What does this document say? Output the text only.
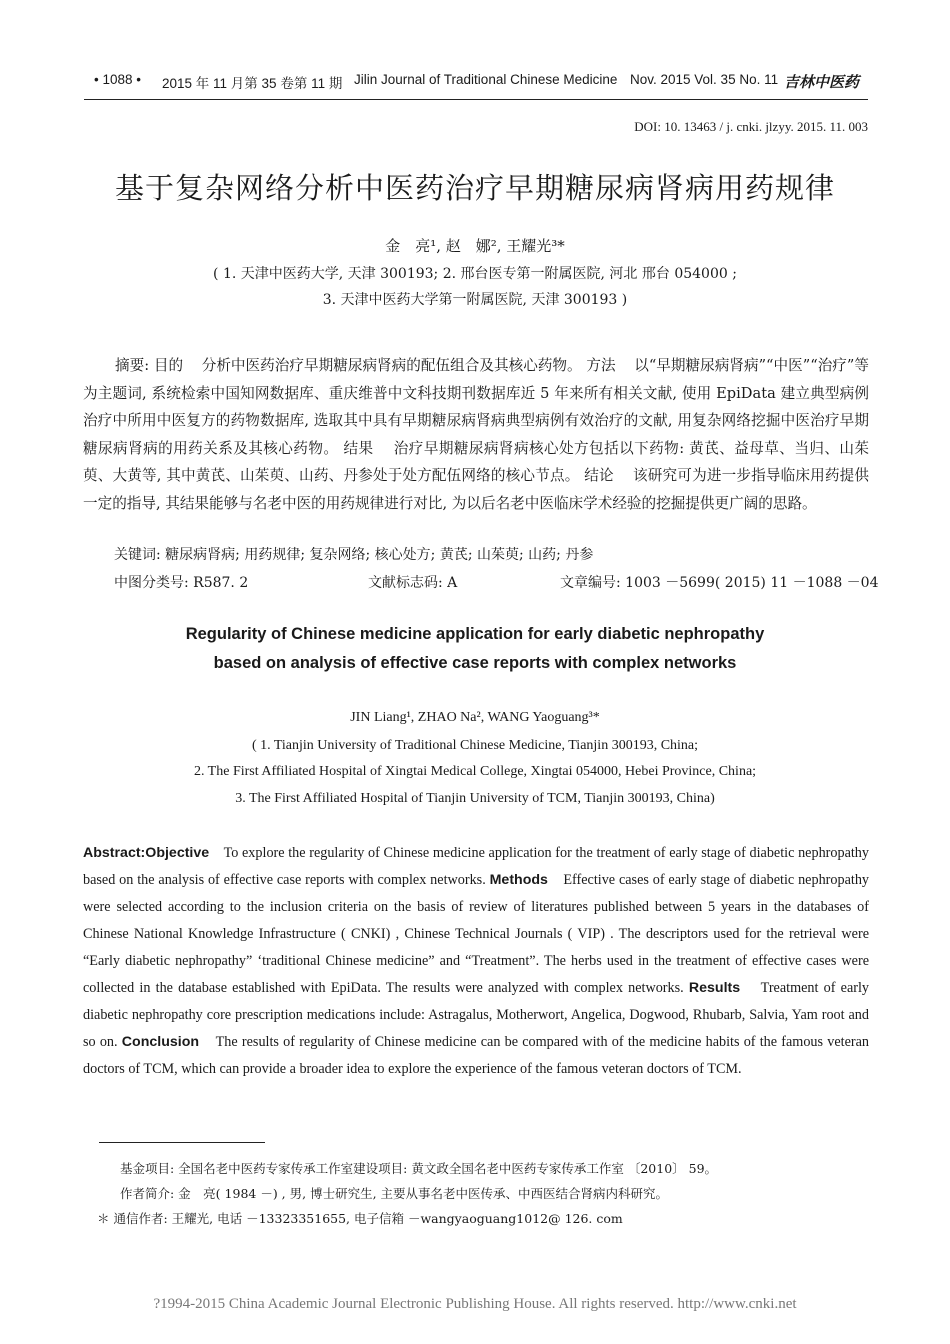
• 1088 • 2015 年 11 月第 35 卷第 11 期 Jilin Journal of Traditional Chinese Medicine Nov. 2015 Vol. 35 No. 11 吉林中医药
DOI: 10. 13463 / j. cnki. jlzyy. 2015. 11. 003
基于复杂网络分析中医药治疗早期糖尿病肾病用药规律
金　亮¹, 赵　娜², 王耀光³*
( 1. 天津中医药大学, 天津 300193; 2. 邢台医专第一附属医院, 河北 邢台 054000 ;
3. 天津中医药大学第一附属医院, 天津 300193 )
摘要: 目的 分析中医药治疗早期糖尿病肾病的配伍组合及其核心药物。 方法 以“早期糖尿病肾病”“中医”“治疗”等为主题词, 系统检索中国知网数据库、重庆维普中文科技期刊数据库近 5 年来所有相关文献, 使用 EpiData 建立典型病例治疗中所用中医复方的药物数据库, 选取其中具有早期糖尿病肾病典型病例有效治疗的文献, 用复杂网络挖掘中医治疗早期糖尿病肾病的用药关系及其核心药物。 结果 治疗早期糖尿病肾病核心处方包括以下药物: 黄芪、益母草、当归、山茱萸、大黄等, 其中黄芪、山茱萸、山药、丹参处于处方配伍网络的核心节点。 结论 该研究可为进一步指导临床用药提供一定的指导, 其结果能够与名老中医的用药规律进行对比, 为以后名老中医临床学术经验的挖掘提供更广阔的思路。
关键词: 糖尿病肾病; 用药规律; 复杂网络; 核心处方; 黄芪; 山茱萸; 山药; 丹参
中图分类号: R587. 2	文献标志码: A	文章编号: 1003 －5699( 2015) 11 －1088 －04
Regularity of Chinese medicine application for early diabetic nephropathy
based on analysis of effective case reports with complex networks
JIN Liang¹, ZHAO Na², WANG Yaoguang³*
( 1. Tianjin University of Traditional Chinese Medicine, Tianjin 300193, China;
2. The First Affiliated Hospital of Xingtai Medical College, Xingtai 054000, Hebei Province, China;
3. The First Affiliated Hospital of Tianjin University of TCM, Tianjin 300193, China)
Abstract:Objective To explore the regularity of Chinese medicine application for the treatment of early stage of diabetic nephropathy based on the analysis of effective case reports with complex networks. Methods Effective cases of early stage of diabetic nephropathy were selected according to the inclusion criteria on the basis of review of literatures published between 5 years in the databases of Chinese National Knowledge Infrastructure ( CNKI) , Chinese Technical Journals ( VIP) . The descriptors used for the retrieval were “Early diabetic nephropathy” ‘traditional Chinese medicine” and “Treatment”. The herbs used in the treatment of effective cases were collected in the database established with EpiData. The results were analyzed with complex networks. Results Treatment of early diabetic nephropathy core prescription medications include: Astragalus, Motherwort, Angelica, Dogwood, Rhubarb, Salvia, Yam root and so on. Conclusion The results of regularity of Chinese medicine can be compared with of the medicine habits of the famous veteran doctors of TCM, which can provide a broader idea to explore the experience of the famous veteran doctors of TCM.
基金项目: 全国名老中医药专家传承工作室建设项目: 黄文政全国名老中医药专家传承工作室 〔2010〕 59。
作者简介: 金　亮( 1984 －) , 男, 博士研究生, 主要从事名老中医传承、中西医结合肾病内科研究。
＊ 通信作者: 王耀光, 电话 －13323351655, 电子信箱 －wangyaoguang1012@ 126. com
?1994-2015 China Academic Journal Electronic Publishing House. All rights reserved. http://www.cnki.net
